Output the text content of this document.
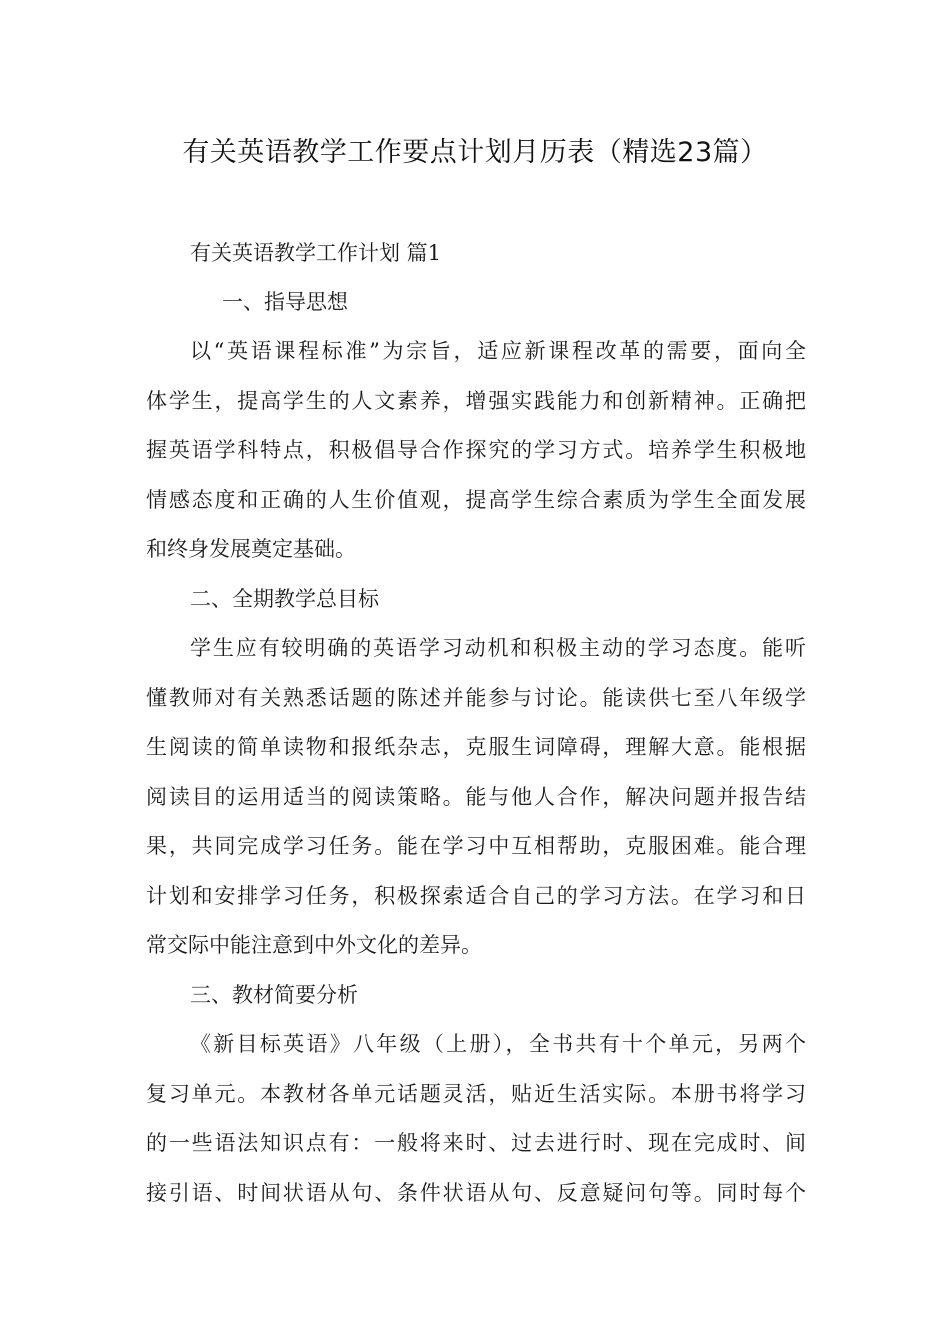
有关英语教学工作要点计划月历表（精选23篇）
有关英语教学工作计划 篇1
一、指导思想
以“英语课程标准”为宗旨，适应新课程改革的需要，面向全
体学生，提高学生的人文素养，增强实践能力和创新精神。正确把
握英语学科特点，积极倡导合作探究的学习方式。培养学生积极地
情感态度和正确的人生价值观，提高学生综合素质为学生全面发展
和终身发展奠定基础。
二、全期教学总目标
学生应有较明确的英语学习动机和积极主动的学习态度。能听
懂教师对有关熟悉话题的陈述并能参与讨论。能读供七至八年级学
生阅读的简单读物和报纸杂志，克服生词障碍，理解大意。能根据
阅读目的运用适当的阅读策略。能与他人合作，解决问题并报告结
果，共同完成学习任务。能在学习中互相帮助，克服困难。能合理
计划和安排学习任务，积极探索适合自己的学习方法。在学习和日
常交际中能注意到中外文化的差异。
三、教材简要分析
《新目标英语》八年级（上册），全书共有十个单元，另两个
复习单元。本教材各单元话题灵活，贴近生活实际。本册书将学习
的一些语法知识点有：一般将来时、过去进行时、现在完成时、间
接引语、时间状语从句、条件状语从句、反意疑问句等。同时每个
